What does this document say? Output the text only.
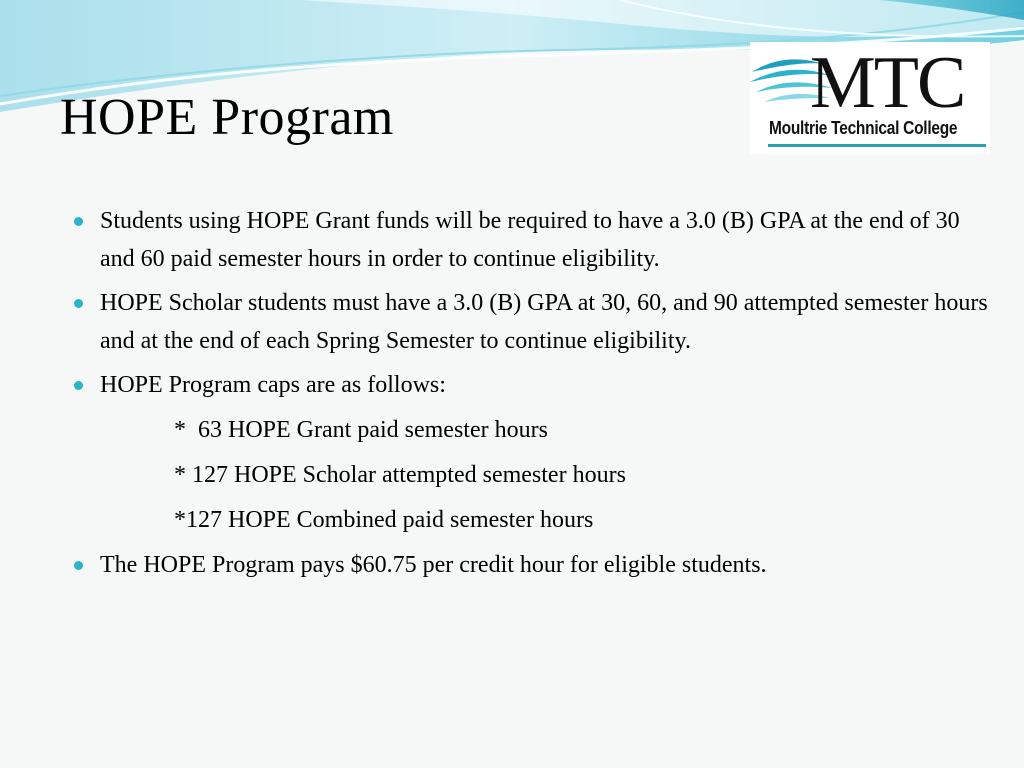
HOPE Program	MTC
Moultrie Technical College
Students using HOPE Grant funds will be required to have a 3.0 (B) GPA at the end of 30 and 60 paid semester hours in order to continue eligibility.
HOPE Scholar students must have a 3.0 (B) GPA at 30, 60, and 90 attempted semester hours and at the end of each Spring Semester to continue eligibility.
HOPE Program caps are as follows:
*  63 HOPE Grant paid semester hours
* 127 HOPE Scholar attempted semester hours
*127 HOPE Combined paid semester hours
The HOPE Program pays $60.75 per credit hour for eligible students.
